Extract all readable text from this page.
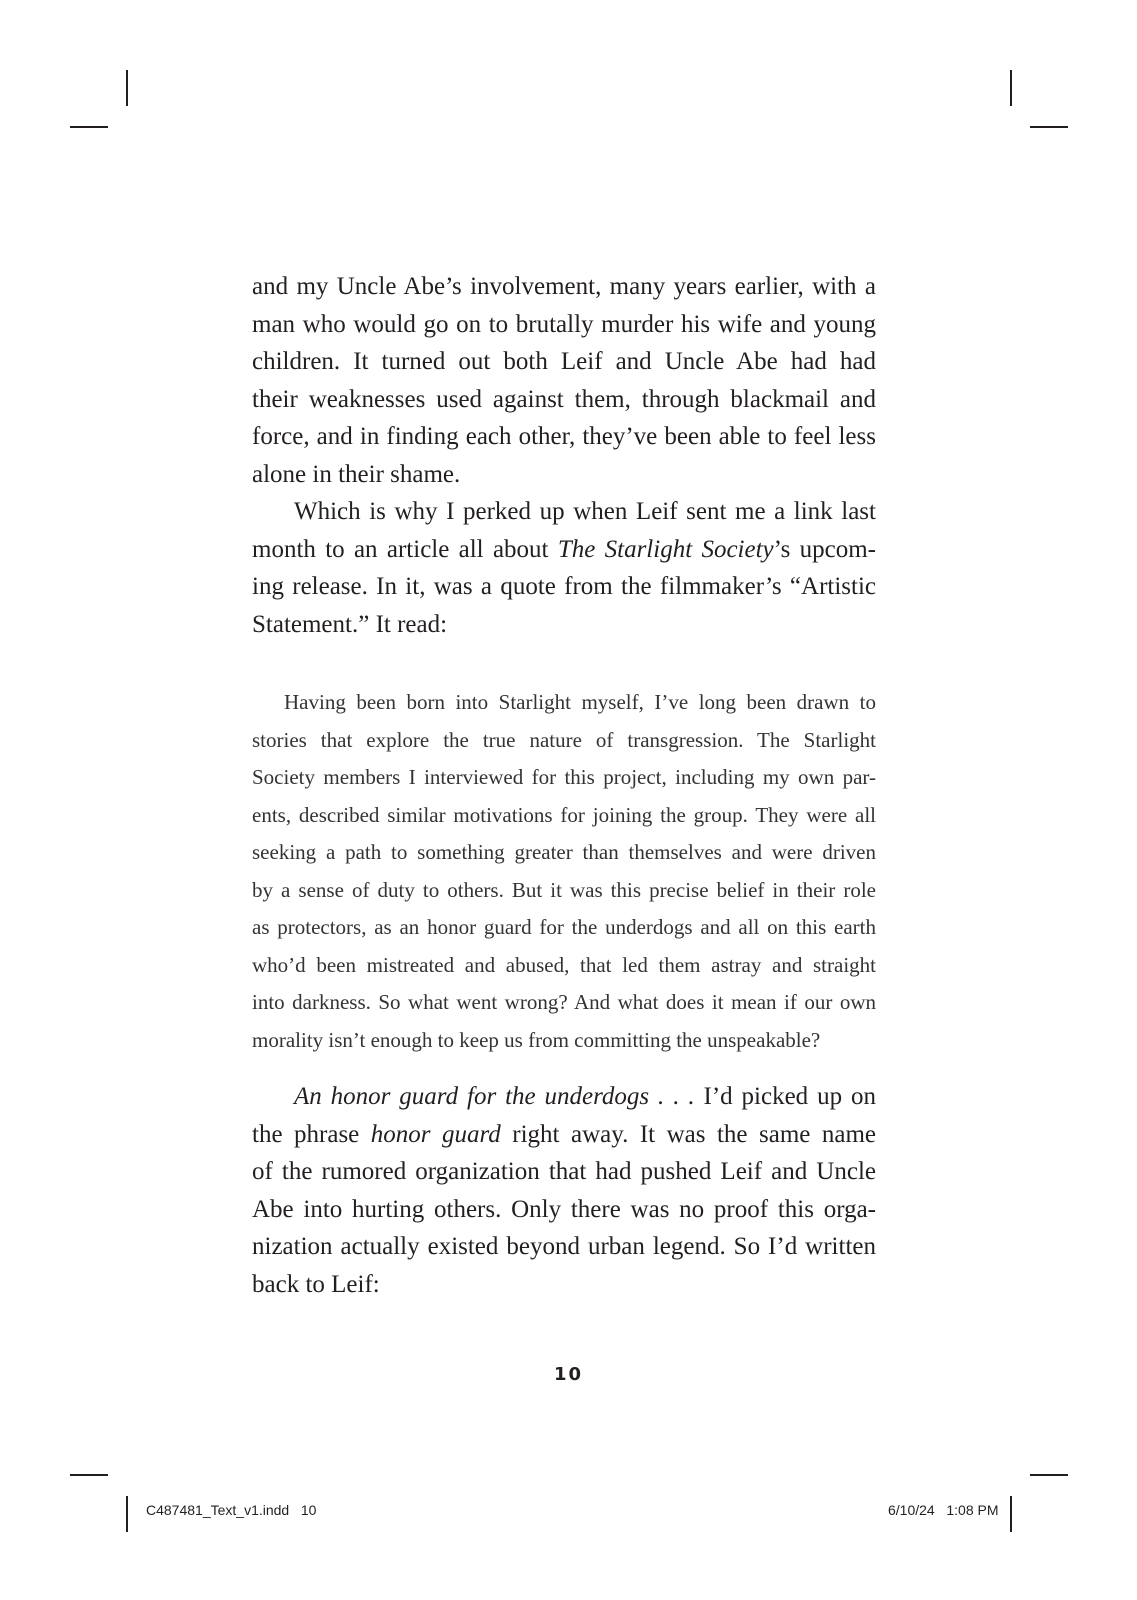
and my Uncle Abe’s involvement, many years earlier, with a
man who would go on to brutally murder his wife and young
children. It turned out both Leif and Uncle Abe had had
their weaknesses used against them, through blackmail and
force, and in finding each other, they’ve been able to feel less
alone in their shame.
Which is why I perked up when Leif sent me a link last
month to an article all about The Starlight Society’s upcom-
ing release. In it, was a quote from the filmmaker’s “Artistic
Statement.” It read:
Having been born into Starlight myself, I’ve long been drawn to
stories that explore the true nature of transgression. The Starlight
Society members I interviewed for this project, including my own par-
ents, described similar motivations for joining the group. They were all
seeking a path to something greater than themselves and were driven
by a sense of duty to others. But it was this precise belief in their role
as protectors, as an honor guard for the underdogs and all on this earth
who’d been mistreated and abused, that led them astray and straight
into darkness. So what went wrong? And what does it mean if our own
morality isn’t enough to keep us from committing the unspeakable?
An honor guard for the underdogs . . . I’d picked up on
the phrase honor guard right away. It was the same name
of the rumored organization that had pushed Leif and Uncle
Abe into hurting others. Only there was no proof this orga-
nization actually existed beyond urban legend. So I’d written
back to Leif:
10
C487481_Text_v1.indd   10	6/10/24   1:08 PM
